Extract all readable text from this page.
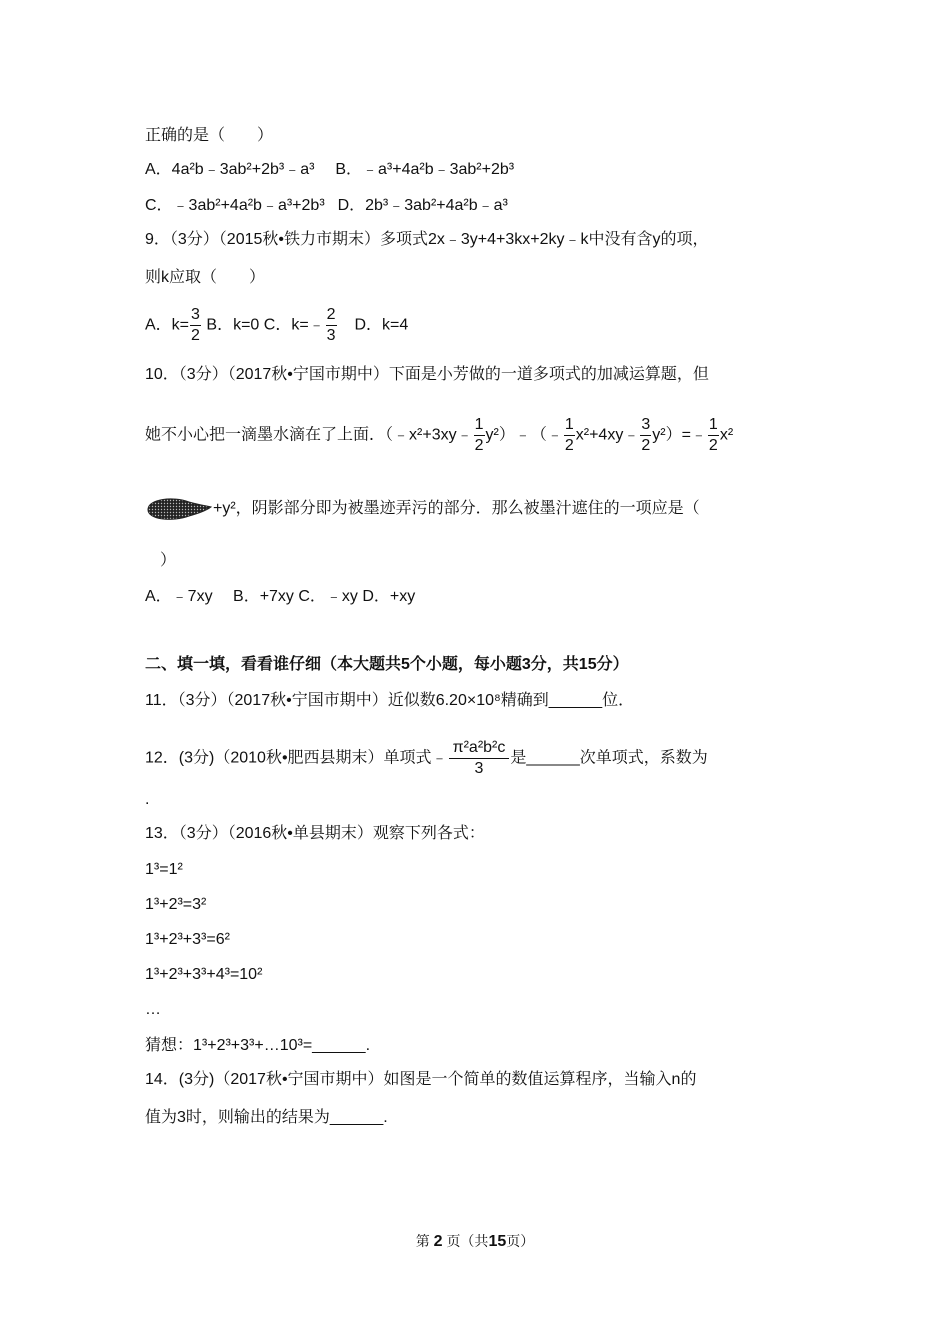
正确的是（　　）
A．4a²b﹣3ab²+2b³﹣a³ B．﹣a³+4a²b﹣3ab²+2b³
C．﹣3ab²+4a²b﹣a³+2b³ D．2b³﹣3ab²+4a²b﹣a³
9．（3分）（2015秋•铁力市期末）多项式2x﹣3y+4+3kx+2ky﹣k中没有含y的项，
则k应取（　　）
A．$k= \frac{3}{2}$ B．k=0 C．k=﹣ $\frac{2}{3}$ D．k=4
10．（3分）（2017秋•宁国市期中）下面是小芳做的一道多项式的加减运算题，但
她不小心把一滴墨水滴在了上面．（﹣x²+3xy﹣ $\frac{1}{2}$ y²）﹣（﹣ $\frac{1}{2}$ x²+4xy﹣ $\frac{3}{2}$ y²）=﹣ $\frac{1}{2} x^2$
+y²，阴影部分即为被墨迹弄污的部分．那么被墨汁遮住的一项应是（
）
A．﹣7xy　 B．+7xy C．﹣xy D．+xy
二、填一填，看看谁仔细（本大题共5个小题，每小题3分，共15分）
11．（3分）（2017秋•宁国市期中）近似数6.20×10⁸精确到______位．
12．(3分)（2010秋•肥西县期末）单项式﹣ $\frac{\text{π²a²b²c}}{3}$ 是______次单项式，系数为
.
13．（3分）（2016秋•单县期末）观察下列各式：
1³=1²
1³+2³=3²
1³+2³+3³=6²
1³+2³+3³+4³=10²
…
猜想：1³+2³+3³+…10³=______.
14．(3分)（2017秋•宁国市期中）如图是一个简单的数值运算程序，当输入n的
值为3时，则输出的结果为______.
第 2 页（共15页）
